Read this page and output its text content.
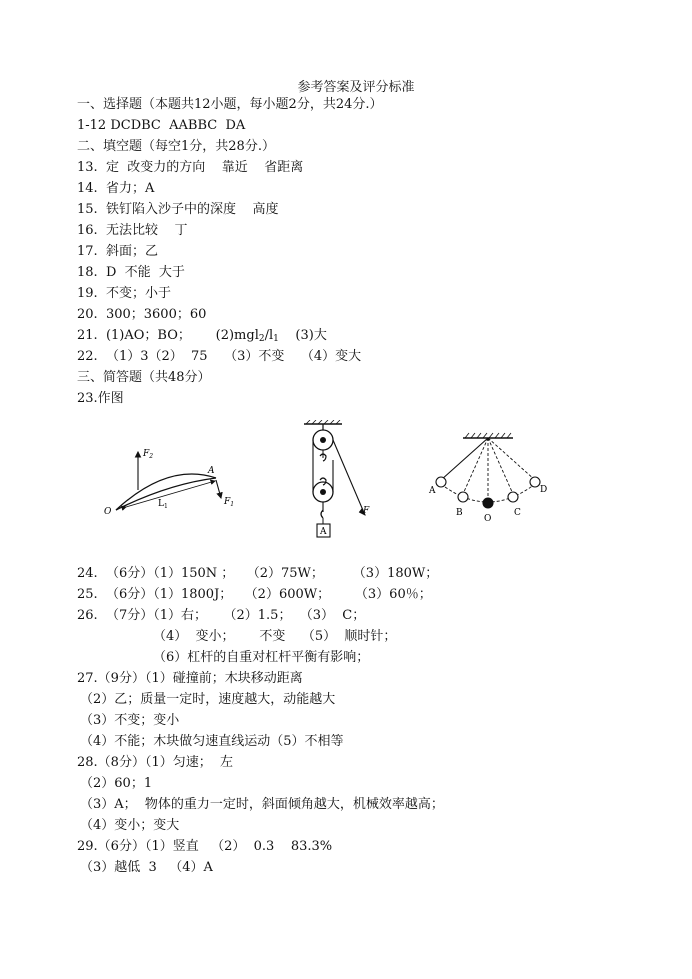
参考答案及评分标准
一、选择题（本题共12小题，每小题2分，共24分.）
1-12 DCDBC  AABBC  DA
二、填空题（每空1分，共28分.）
13.  定  改变力的方向    靠近    省距离
14.  省力；A
15.  铁钉陷入沙子中的深度    高度
16.  无法比较    丁
17.  斜面；乙
18.  D  不能  大于
19.  不变；小于
20.  300；3600；60
21.  (1)AO；BO；      $(2)mgl_2/l_1$    (3)大
22.  （1）3（2）  75    （3）不变    （4）变大
三、简答题（共48分）
23.作图
$F_2$
A
$F_1$
O
$L_1$
A
F
A
B
O
C
D
24.  （6分）（1）150N ；   （2）75W；       （3）180W；
25.  （6分）（1）1800J；   （2）600W；      （3）60％；
26.  （7分）（1）右；    （2）1.5；  （3）  C；
（4）  变小；      不变    （5）  顺时针；
（6）杠杆的自重对杠杆平衡有影响；
27.（9分）（1）碰撞前；木块移动距离
（2）乙；质量一定时，速度越大，动能越大
（3）不变；变小
（4）不能；木块做匀速直线运动（5）不相等
28.（8分）（1）匀速；  左
（2）60；1
（3）A；  物体的重力一定时，斜面倾角越大，机械效率越高；
（4）变小；变大
29.（6分）（1）竖直   （2）  0.3    83.3%
（3）越低  3   （4）A
